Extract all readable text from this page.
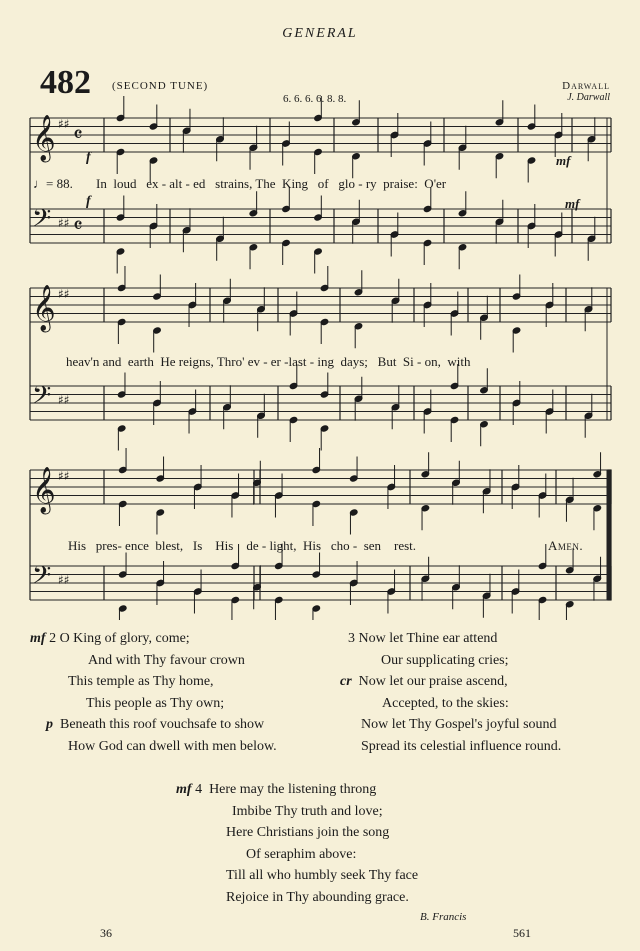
GENERAL
482 (SECOND TUNE)
6. 6. 6. 6. 8. 8.
Darwall
J. Darwall
𝄞 ♯♯ 𝄴
𝄢 ♯♯ 𝄴
𝄞 ♯♯
𝄢 ♯♯
𝄞 ♯♯
𝄢 ♯♯
f
f
mf
mf
♩= 88. In  loud   ex - alt - ed   strains, The  King   of   glo - ry  praise:  O'er
heav'n and  earth  He reigns, Thro' ev - er -last - ing  days;   But  Si - on,  with
His   pres- ence  blest,   Is    His    de - light,  His   cho -  sen    rest.	Amen.
mf 2 O King of glory, come;
And with Thy favour crown
This temple as Thy home,
This people as Thy own;
p Beneath this roof vouchsafe to show
How God can dwell with men below.
3 Now let Thine ear attend
Our supplicating cries;
cr Now let our praise ascend,
Accepted, to the skies:
Now let Thy Gospel's joyful sound
Spread its celestial influence round.
mf 4 Here may the listening throng
Imbibe Thy truth and love;
Here Christians join the song
Of seraphim above:
Till all who humbly seek Thy face
Rejoice in Thy abounding grace.
B. Francis
36	561
